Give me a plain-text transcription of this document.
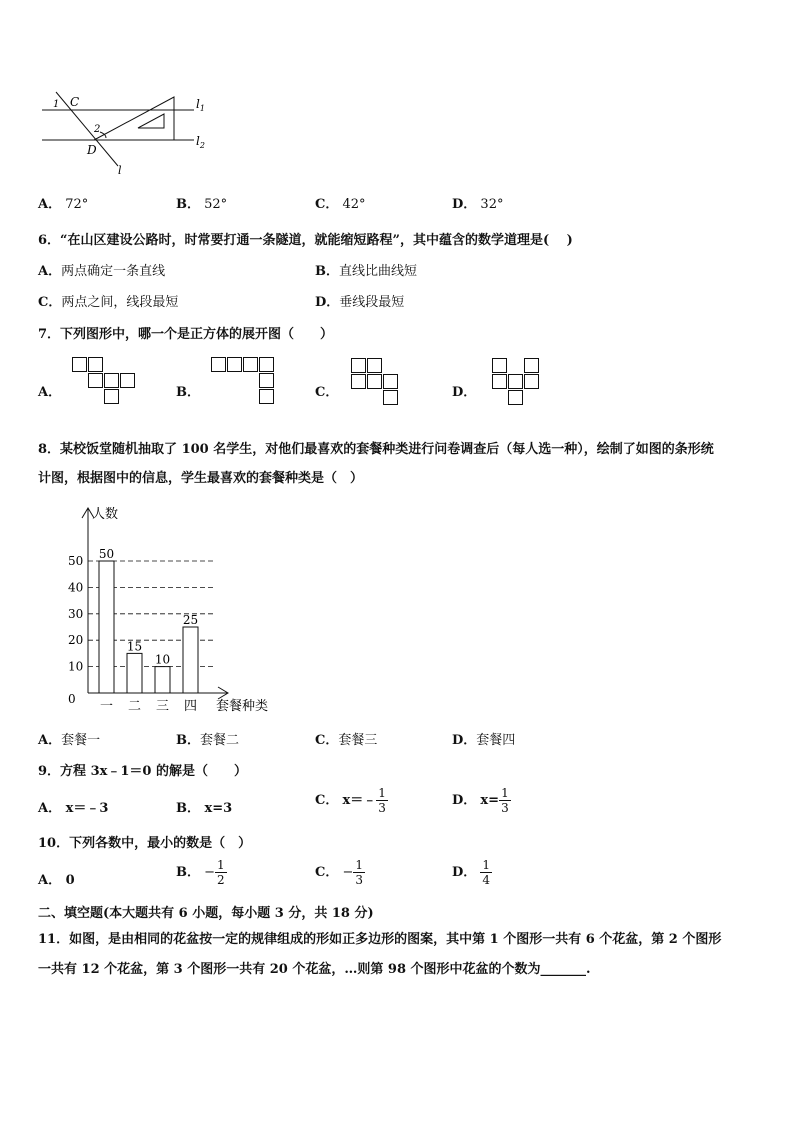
1 C
2
D
l
$l_1$
$l_2$
A． 72°	B． 52°	C． 42°	D． 32°
6．“在山区建设公路时，时常要打通一条隧道，就能缩短路程”，其中蕴含的数学道理是(　 )
A．两点确定一条直线	B．直线比曲线短
C．两点之间，线段最短	D．垂线段最短
7．下列图形中，哪一个是正方体的展开图（　　）
A．	B．	C．	D．
8．某校饭堂随机抽取了 100 名学生，对他们最喜欢的套餐种类进行问卷调查后（每人选一种），绘制了如图的条形统
计图，根据图中的信息，学生最喜欢的套餐种类是（　）
人数
套餐种类
0
10
20
30
40
50 50
15
10
25
一 二 三 四
A．套餐一	B．套餐二	C．套餐三	D．套餐四
9．方程 3x﹣1＝0 的解是（　　）
A． x＝﹣3	B． x=3
C． x＝﹣ $\frac{1}{3}$	D． $x= \frac{1}{3}$
10．下列各数中，最小的数是（　）
A． 0
B． − $\frac{1}{2}$	C． − $\frac{1}{3}$	D． $\frac{1}{4}$
二、填空题(本大题共有 6 小题，每小题 3 分，共 18 分)
11．如图，是由相同的花盆按一定的规律组成的形如正多边形的图案，其中第 1 个图形一共有 6 个花盆，第 2 个图形
一共有 12 个花盆，第 3 个图形一共有 20 个花盆，…则第 98 个图形中花盆的个数为_______.
